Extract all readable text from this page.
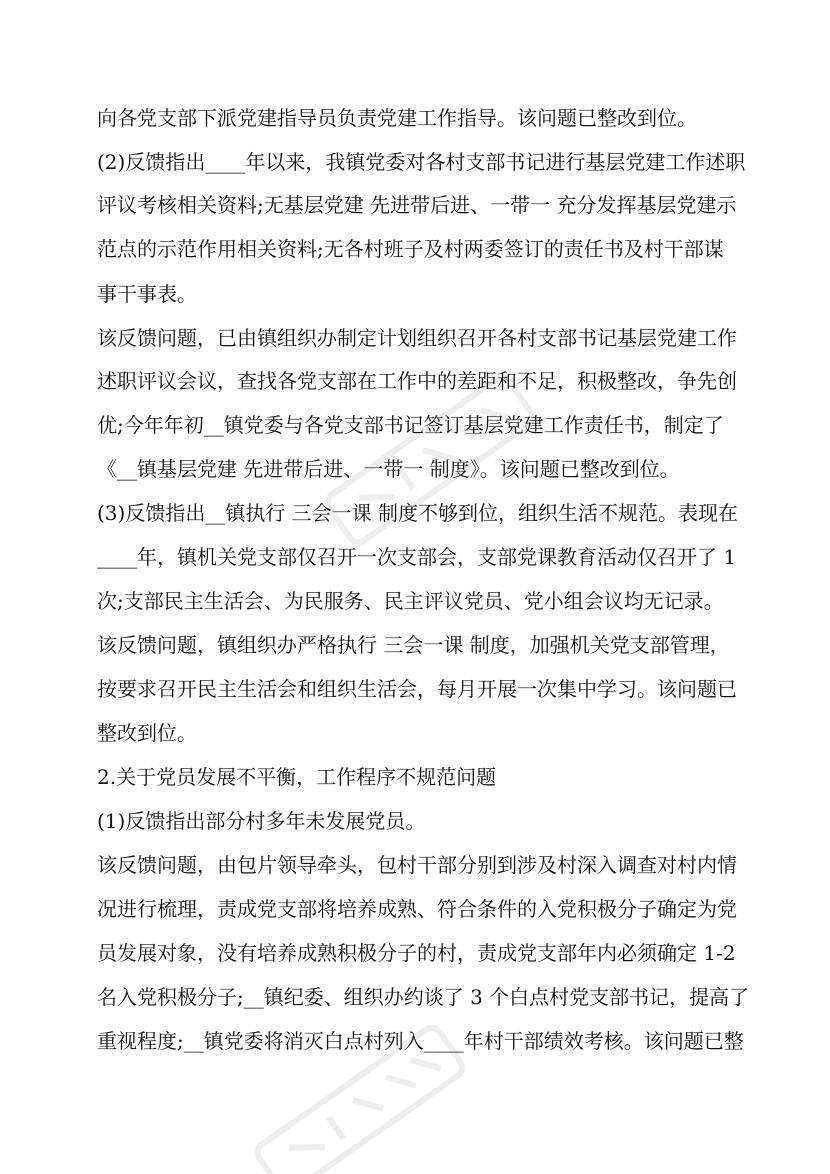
向各党支部下派党建指导员负责党建工作指导。该问题已整改到位。
(2)反馈指出____年以来，我镇党委对各村支部书记进行基层党建工作述职
评议考核相关资料;无基层党建 先进带后进、一带一 充分发挥基层党建示
范点的示范作用相关资料;无各村班子及村两委签订的责任书及村干部谋
事干事表。
该反馈问题，已由镇组织办制定计划组织召开各村支部书记基层党建工作
述职评议会议，查找各党支部在工作中的差距和不足，积极整改，争先创
优;今年年初__镇党委与各党支部书记签订基层党建工作责任书，制定了
《__镇基层党建 先进带后进、一带一 制度》。该问题已整改到位。
(3)反馈指出__镇执行 三会一课 制度不够到位，组织生活不规范。表现在
____年，镇机关党支部仅召开一次支部会，支部党课教育活动仅召开了 1
次;支部民主生活会、为民服务、民主评议党员、党小组会议均无记录。
该反馈问题，镇组织办严格执行 三会一课 制度，加强机关党支部管理，
按要求召开民主生活会和组织生活会，每月开展一次集中学习。该问题已
整改到位。
2.关于党员发展不平衡，工作程序不规范问题
(1)反馈指出部分村多年未发展党员。
该反馈问题，由包片领导牵头，包村干部分别到涉及村深入调查对村内情
况进行梳理，责成党支部将培养成熟、符合条件的入党积极分子确定为党
员发展对象，没有培养成熟积极分子的村，责成党支部年内必须确定 1-2
名入党积极分子;__镇纪委、组织办约谈了 3 个白点村党支部书记，提高了
重视程度;__镇党委将消灭白点村列入____年村干部绩效考核。该问题已整
